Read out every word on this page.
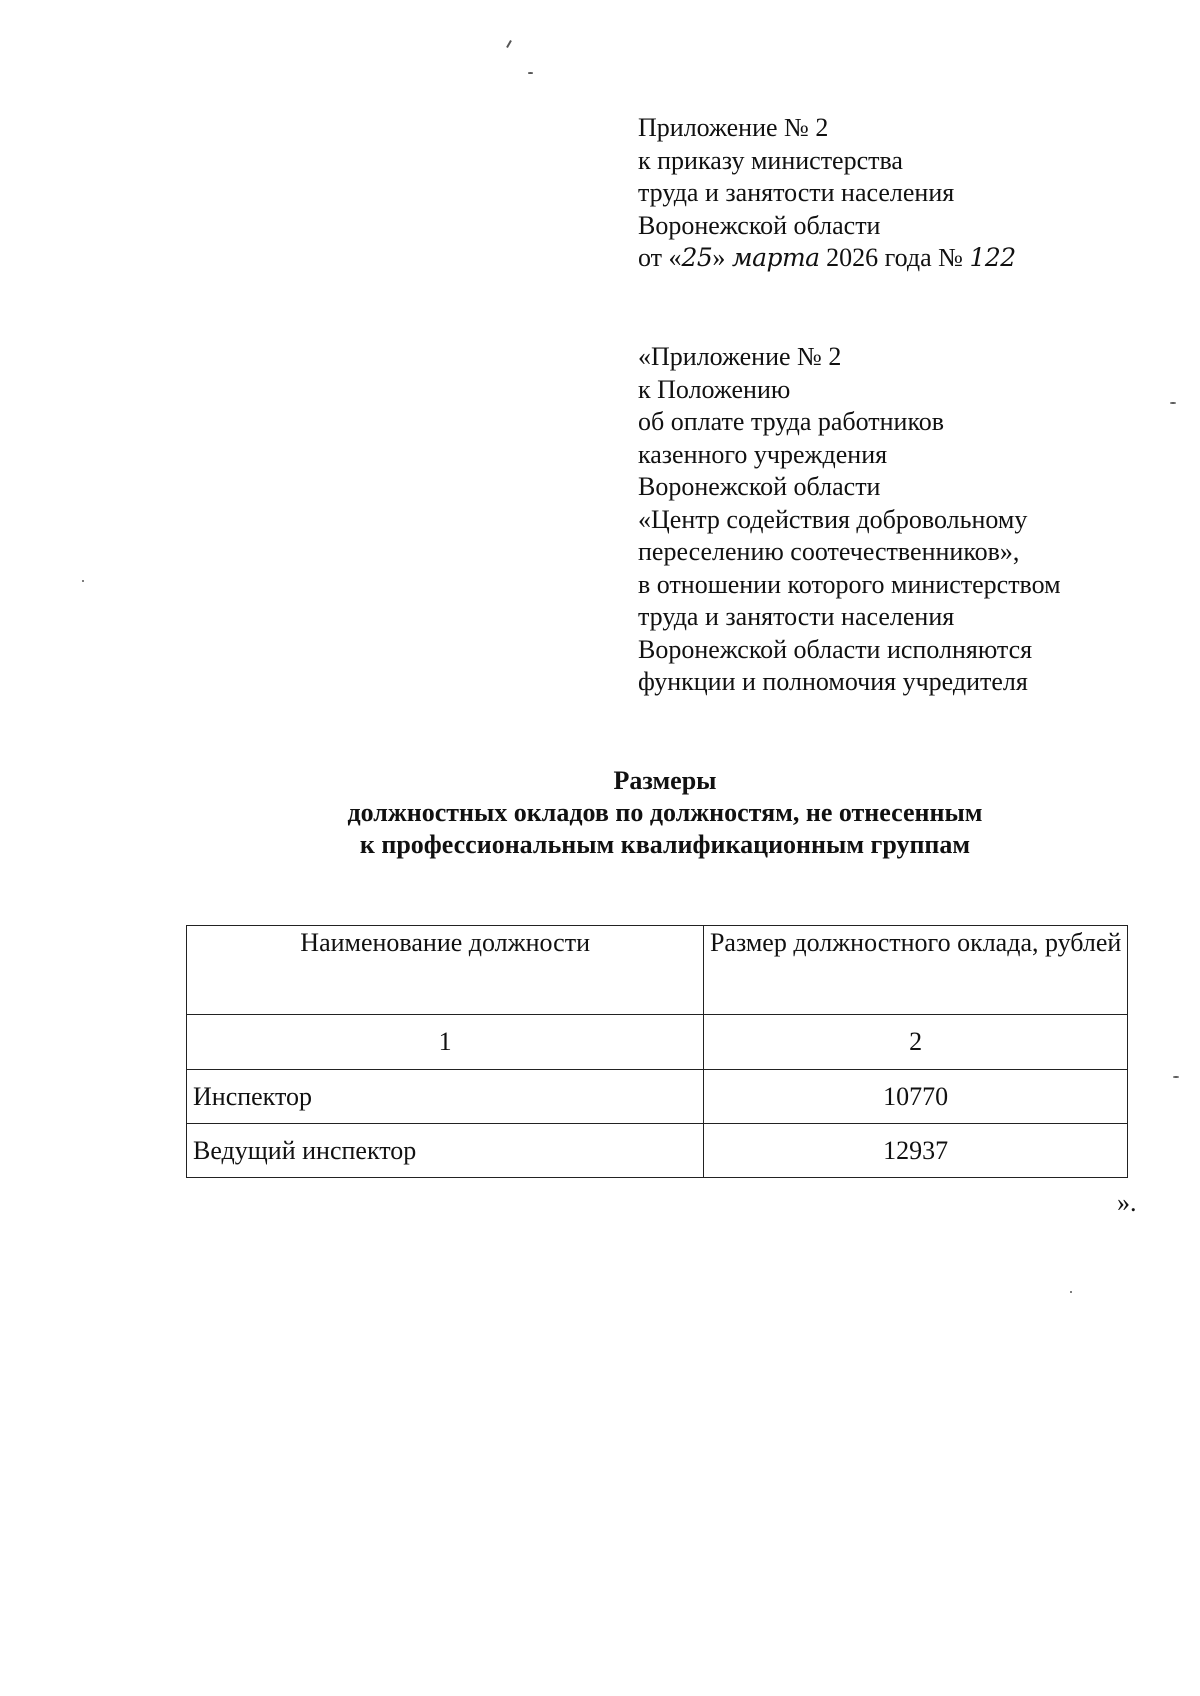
Приложение № 2
к приказу министерства
труда и занятости населения
Воронежской области
от «25» марта 2026 года № 122
«Приложение № 2
к Положению
об оплате труда работников
казенного учреждения
Воронежской области
«Центр содействия добровольному
переселению соотечественников»,
в отношении которого министерством
труда и занятости населения
Воронежской области исполняются
функции и полномочия учредителя
Размеры
должностных окладов по должностям, не отнесенным
к профессиональным квалификационным группам
Наименование должности	Размер должностного оклада, рублей
1	2
Инспектор	10770
Ведущий инспектор	12937
».
